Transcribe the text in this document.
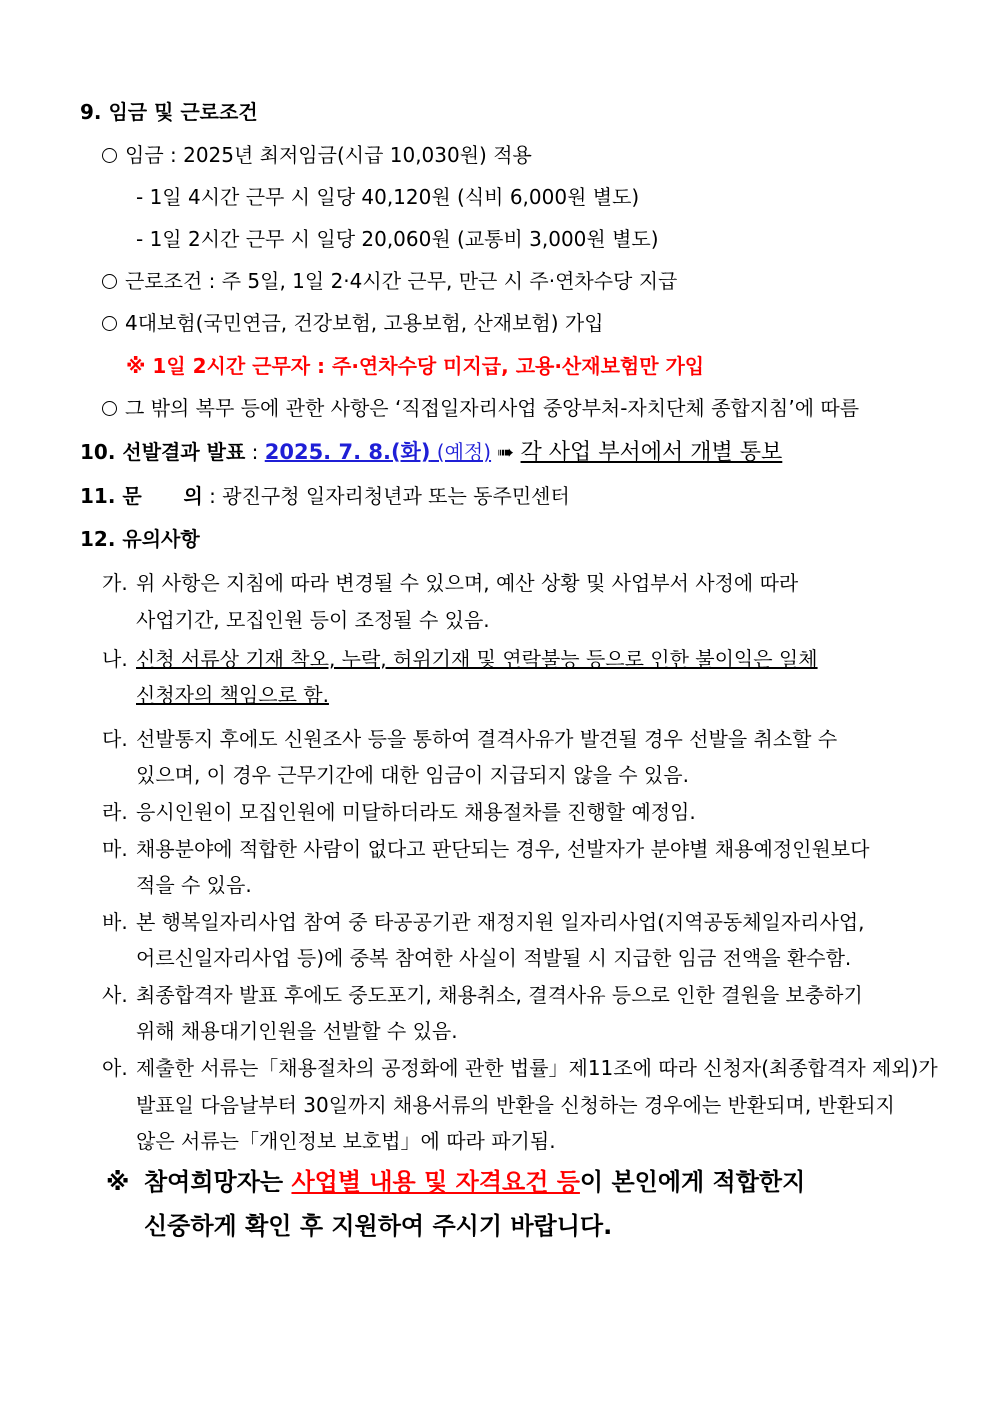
9. 임금 및 근로조건
임금 : 2025년 최저임금(시급 10,030원) 적용
- 1일 4시간 근무 시 일당 40,120원 (식비 6,000원 별도)
- 1일 2시간 근무 시 일당 20,060원 (교통비 3,000원 별도)
근로조건 : 주 5일, 1일 2·4시간 근무, 만근 시 주·연차수당 지급
4대보험(국민연금, 건강보험, 고용보험, 산재보험) 가입
※ 1일 2시간 근무자 : 주·연차수당 미지급, 고용·산재보험만 가입
그 밖의 복무 등에 관한 사항은 ‘직접일자리사업 중앙부처-자치단체 종합지침’에 따름
10. 선발결과 발표 : 2025. 7. 8.(화) (예정) ➠ 각 사업 부서에서 개별 통보
11. 문      의 : 광진구청 일자리청년과 또는 동주민센터
12. 유의사항
가. 위 사항은 지침에 따라 변경될 수 있으며, 예산 상황 및 사업부서 사정에 따라
사업기간, 모집인원 등이 조정될 수 있음.
나. 신청 서류상 기재 착오, 누락, 허위기재 및 연락불능 등으로 인한 불이익은 일체
신청자의 책임으로 함.
다. 선발통지 후에도 신원조사 등을 통하여 결격사유가 발견될 경우 선발을 취소할 수
있으며, 이 경우 근무기간에 대한 임금이 지급되지 않을 수 있음.
라. 응시인원이 모집인원에 미달하더라도 채용절차를 진행할 예정임.
마. 채용분야에 적합한 사람이 없다고 판단되는 경우, 선발자가 분야별 채용예정인원보다
적을 수 있음.
바. 본 행복일자리사업 참여 중 타공공기관 재정지원 일자리사업(지역공동체일자리사업,
어르신일자리사업 등)에 중복 참여한 사실이 적발될 시 지급한 임금 전액을 환수함.
사. 최종합격자 발표 후에도 중도포기, 채용취소, 결격사유 등으로 인한 결원을 보충하기
위해 채용대기인원을 선발할 수 있음.
아. 제출한 서류는「채용절차의 공정화에 관한 법률」제11조에 따라 신청자(최종합격자 제외)가
발표일 다음날부터 30일까지 채용서류의 반환을 신청하는 경우에는 반환되며, 반환되지
않은 서류는「개인정보 보호법」에 따라 파기됨.
※ 참여희망자는 사업별 내용 및 자격요건 등이 본인에게 적합한지
신중하게 확인 후 지원하여 주시기 바랍니다.
